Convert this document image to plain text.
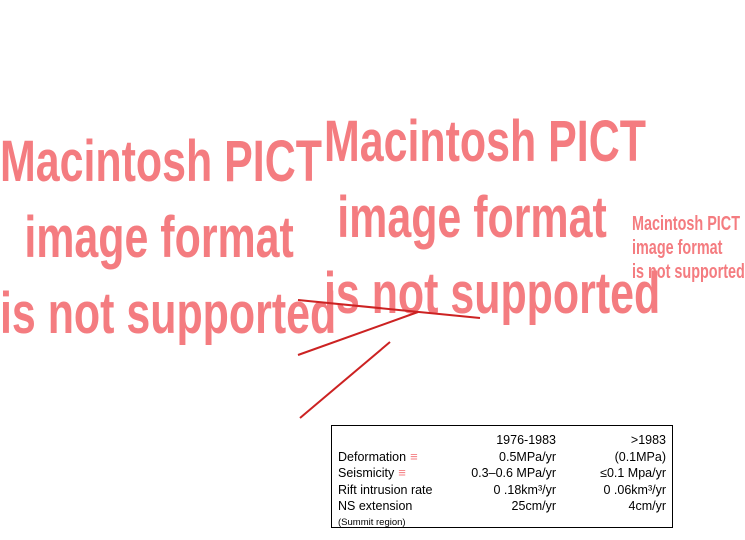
Macintosh PICT
image format
is not supported
Macintosh PICT
image format
is not supported
Macintosh PICT
image format
is not supported
Deformation ≡
Seismicity ≡
Rift intrusion rate
NS extension
(Summit region)
1976-1983
0.5MPa/yr
0.3–0.6 MPa/yr
0 .18km³/yr
25cm/yr
>1983
(0.1MPa)
≤0.1 Mpa/yr
0 .06km³/yr
4cm/yr
